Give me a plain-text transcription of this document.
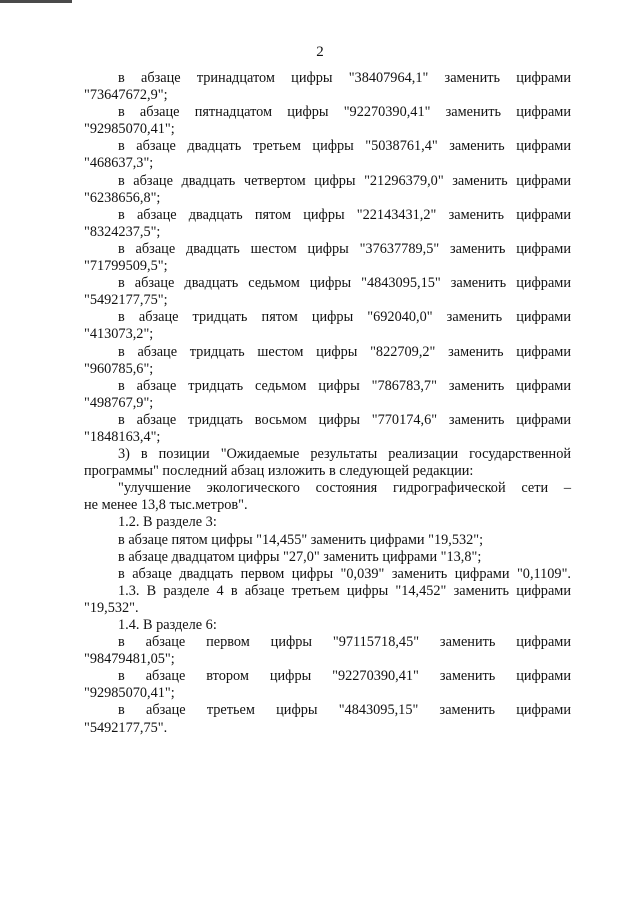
2

в абзаце тринадцатом цифры "38407964,1" заменить цифрами

"73647672,9";

в абзаце пятнадцатом цифры "92270390,41" заменить цифрами

"92985070,41";

в абзаце двадцать третьем цифры "5038761,4" заменить цифрами

"468637,3";

в абзаце двадцать четвертом цифры "21296379,0" заменить цифрами

"6238656,8";

в абзаце двадцать пятом цифры "22143431,2" заменить цифрами

"8324237,5";

в абзаце двадцать шестом цифры "37637789,5" заменить цифрами

"71799509,5";

в абзаце двадцать седьмом цифры "4843095,15" заменить цифрами

"5492177,75";

в абзаце тридцать пятом цифры "692040,0" заменить цифрами

"413073,2";

в абзаце тридцать шестом цифры "822709,2" заменить цифрами

"960785,6";

в абзаце тридцать седьмом цифры "786783,7" заменить цифрами

"498767,9";

в абзаце тридцать восьмом цифры "770174,6" заменить цифрами

"1848163,4";

3) в позиции "Ожидаемые результаты реализации государственной

программы" последний абзац изложить в следующей редакции:

"улучшение экологического состояния гидрографической сети –

не менее 13,8 тыс.метров".

1.2. В разделе 3:

в абзаце пятом цифры "14,455" заменить цифрами "19,532";

в абзаце двадцатом цифры "27,0" заменить цифрами "13,8";

в абзаце двадцать первом цифры "0,039" заменить цифрами "0,1109".

1.3. В разделе 4 в абзаце третьем цифры "14,452" заменить цифрами

"19,532".

1.4. В разделе 6:

в абзаце первом цифры "97115718,45" заменить цифрами

"98479481,05";

в абзаце втором цифры "92270390,41" заменить цифрами

"92985070,41";

в абзаце третьем цифры "4843095,15" заменить цифрами

"5492177,75".
